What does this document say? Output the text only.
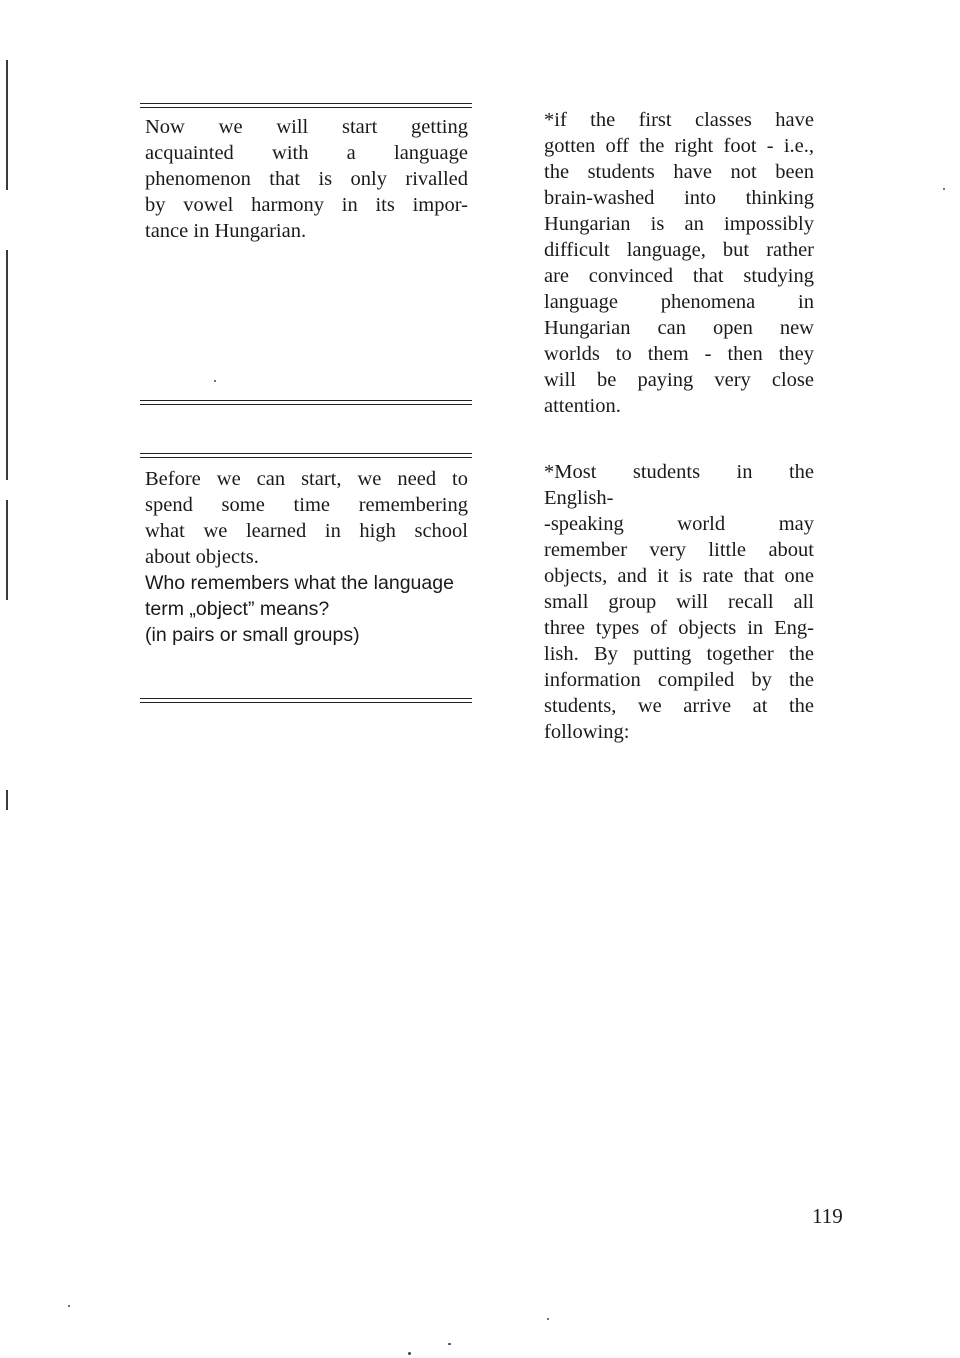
Now we will start getting
acquainted with a language
phenomenon that is only rivalled
by vowel harmony in its impor-
tance in Hungarian.
*if the first classes have
gotten off the right foot - i.e.,
the students have not been
brain-washed into thinking
Hungarian is an impossibly
difficult language, but rather
are convinced that studying
language phenomena in
Hungarian can open new
worlds to them - then they
will be paying very close
attention.
Before we can start, we need to
spend some time remembering
what we learned in high school
about objects.
Who remembers what the language
term „object” means?
(in pairs or small groups)
*Most students in the
English-
-speaking world may
remember very little about
objects, and it is rate that one
small group will recall all
three types of objects in Eng-
lish. By putting together the
information compiled by the
students, we arrive at the
following:
119
